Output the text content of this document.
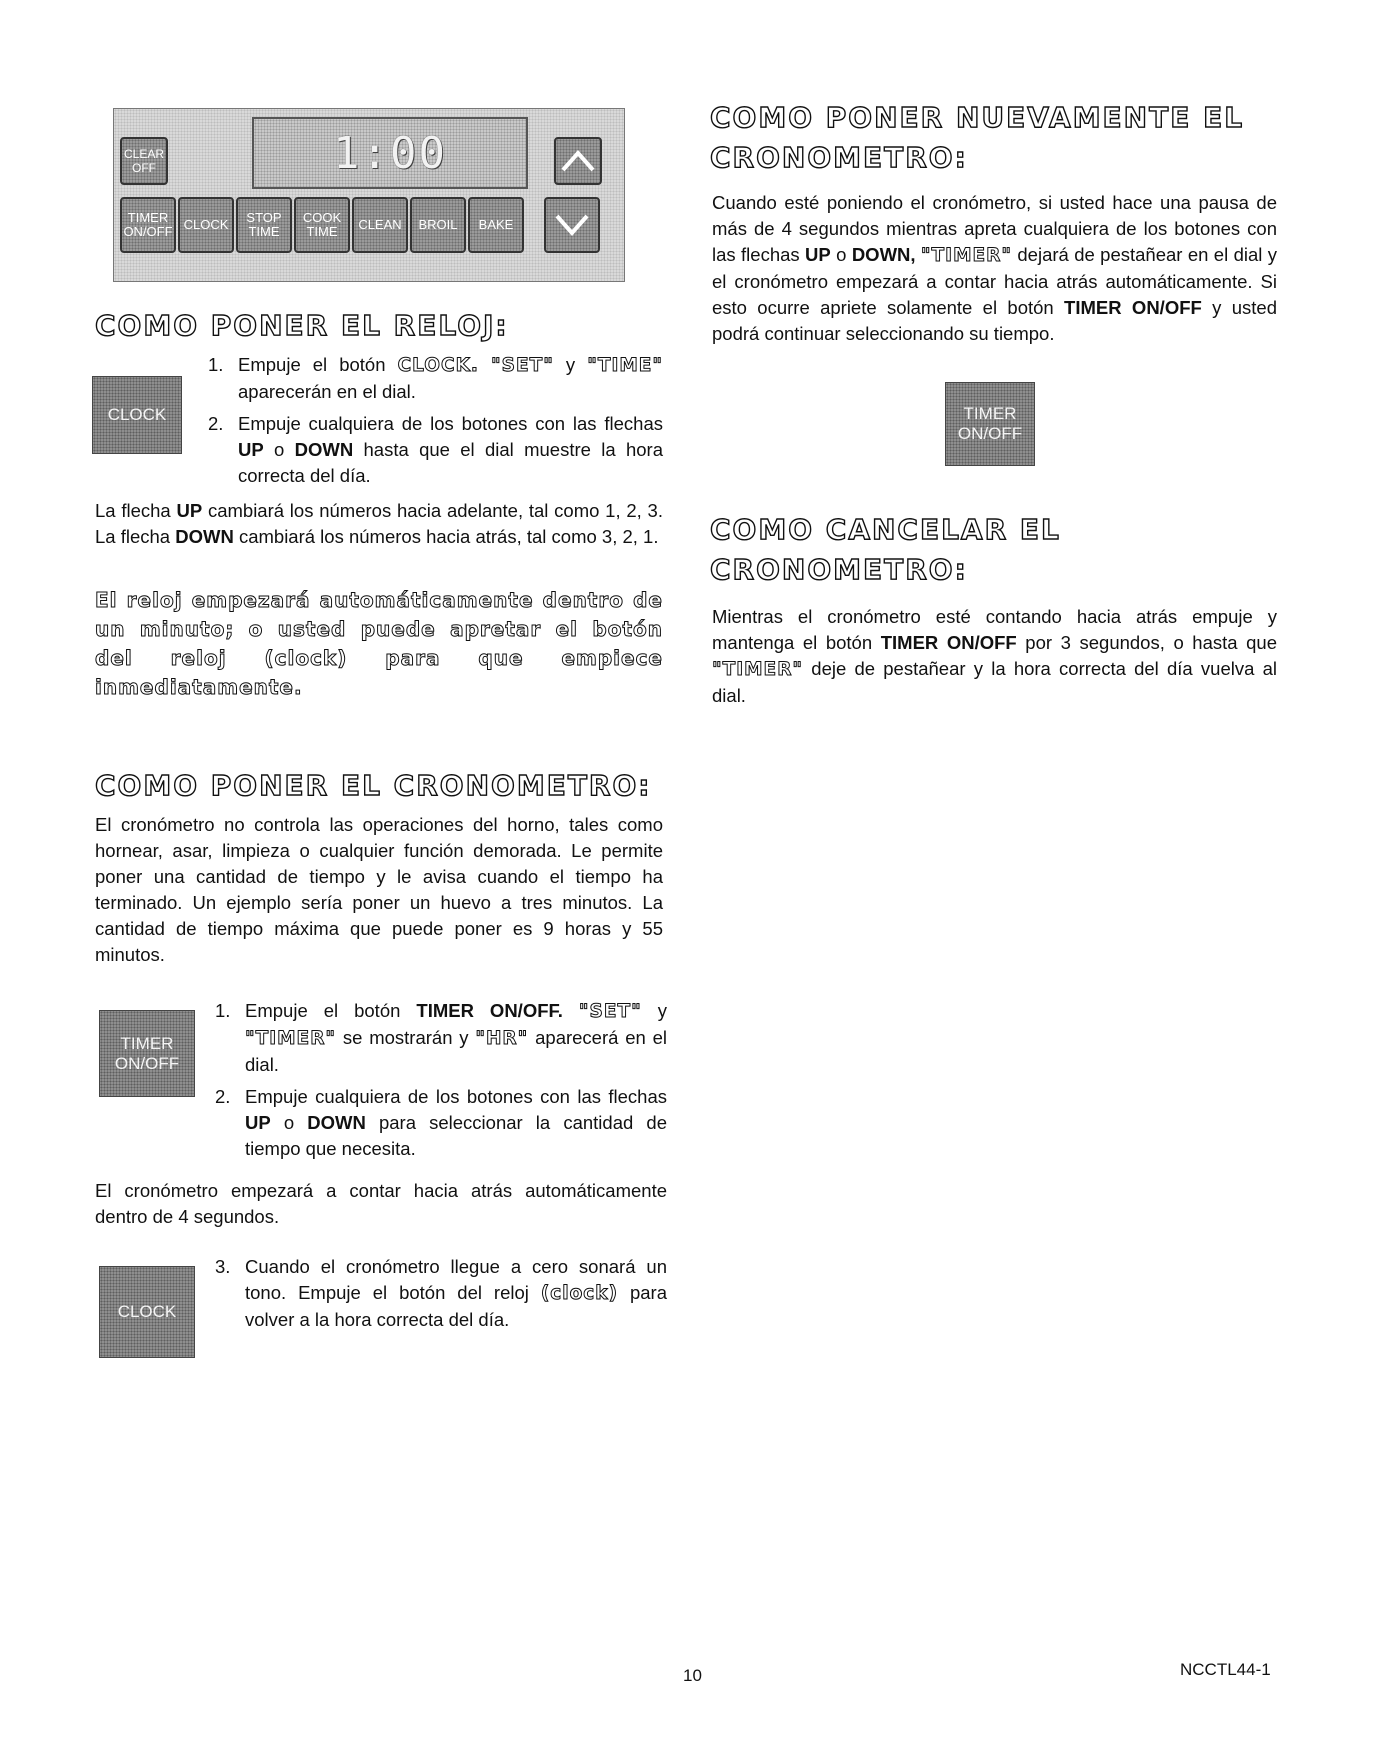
1:00
CLEAR OFF
TIMER ON/OFF CLOCK	STOP TIME
COOK TIME	CLEAN	BROIL	BAKE
COMO PONER EL RELOJ:
CLOCK
1. Empuje el botón CLOCK. "SET" y "TIME" aparecerán en el dial.
2. Empuje cualquiera de los botones con las flechas UP o DOWN hasta que el dial muestre la hora correcta del día.

La flecha UP cambiará los números hacia adelante, tal como 1, 2, 3. La flecha DOWN cambiará los números hacia atrás, tal como 3, 2, 1.

El reloj empezará automáticamente dentro de un minuto; o usted puede apretar el botón del reloj (clock) para que empiece inmediatamente.

COMO PONER EL CRONOMETRO:

El cronómetro no controla las operaciones del horno, tales como hornear, asar, limpieza o cualquier función demorada. Le permite poner una cantidad de tiempo y le avisa cuando el tiempo ha terminado. Un ejemplo sería poner un huevo a tres minutos. La cantidad de tiempo máxima que puede poner es 9 horas y 55 minutos.

TIMER ON/OFF
1. Empuje el botón TIMER ON/OFF. "SET" y "TIMER" se mostrarán y "HR" aparecerá en el dial.
2. Empuje cualquiera de los botones con las flechas UP o DOWN para seleccionar la cantidad de tiempo que necesita.

El cronómetro empezará a contar hacia atrás automáticamente dentro de 4 segundos.

CLOCK
3. Cuando el cronómetro llegue a cero sonará un tono. Empuje el botón del reloj (clock) para volver a la hora correcta del día.
COMO PONER NUEVAMENTE EL
CRONOMETRO:

Cuando esté poniendo el cronómetro, si usted hace una pausa de más de 4 segundos mientras apreta cualquiera de los botones con las flechas UP o DOWN, "TIMER" dejará de pestañear en el dial y el cronómetro empezará a contar hacia atrás automáticamente. Si esto ocurre apriete solamente el botón TIMER ON/OFF y usted podrá continuar seleccionando su tiempo.

TIMER ON/OFF
COMO CANCELAR EL
CRONOMETRO:

Mientras el cronómetro esté contando hacia atrás empuje y mantenga el botón TIMER ON/OFF por 3 segundos, o hasta que "TIMER" deje de pestañear y la hora correcta del día vuelva al dial.

10	NCCTL44-1
